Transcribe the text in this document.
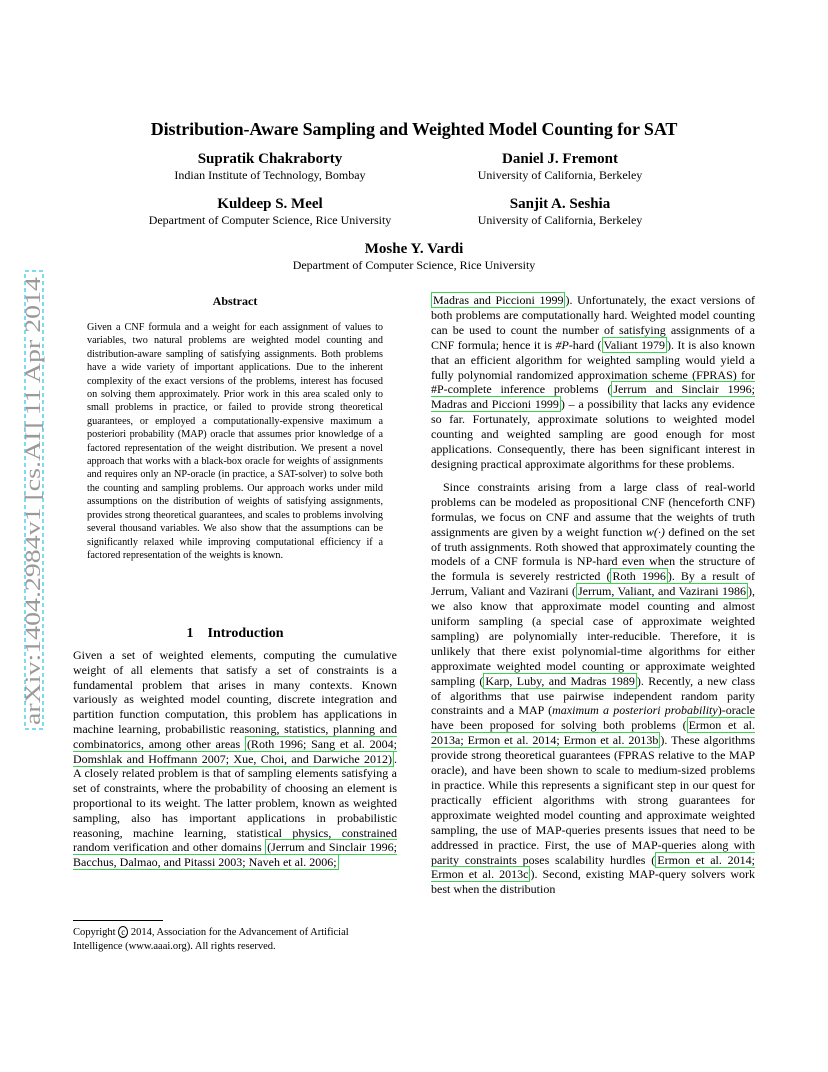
Distribution-Aware Sampling and Weighted Model Counting for SAT
Supratik Chakraborty
Indian Institute of Technology, Bombay
Daniel J. Fremont
University of California, Berkeley
Kuldeep S. Meel
Department of Computer Science, Rice University
Sanjit A. Seshia
University of California, Berkeley
Moshe Y. Vardi
Department of Computer Science, Rice University
arXiv:1404.2984v1 [cs.AI] 11 Apr 2014
Abstract
Given a CNF formula and a weight for each assignment of values to variables, two natural problems are weighted model counting and distribution-aware sampling of satisfying assignments. Both problems have a wide variety of important applications. Due to the inherent complexity of the exact versions of the problems, interest has focused on solving them approximately. Prior work in this area scaled only to small problems in practice, or failed to provide strong theoretical guarantees, or employed a computationally-expensive maximum a posteriori probability (MAP) oracle that assumes prior knowledge of a factored representation of the weight distribution. We present a novel approach that works with a black-box oracle for weights of assignments and requires only an NP-oracle (in practice, a SAT-solver) to solve both the counting and sampling problems. Our approach works under mild assumptions on the distribution of weights of satisfying assignments, provides strong theoretical guarantees, and scales to problems involving several thousand variables. We also show that the assumptions can be significantly relaxed while improving computational efficiency if a factored representation of the weights is known.
1 Introduction
Given a set of weighted elements, computing the cumulative weight of all elements that satisfy a set of constraints is a fundamental problem that arises in many contexts. Known variously as weighted model counting, discrete integration and partition function computation, this problem has applications in machine learning, probabilistic reasoning, statistics, planning and combinatorics, among other areas (Roth 1996; Sang et al. 2004; Domshlak and Hoffmann 2007; Xue, Choi, and Darwiche 2012) . A closely related problem is that of sampling elements satisfying a set of constraints, where the probability of choosing an element is proportional to its weight. The latter problem, known as weighted sampling, also has important applications in probabilistic reasoning, machine learning, statistical physics, constrained random verification and other domains (Jerrum and Sinclair 1996; Bacchus, Dalmao, and Pitassi 2003; Naveh et al. 2006;
Copyright c 2014, Association for the Advancement of Artificial Intelligence (www.aaai.org). All rights reserved.

Madras and Piccioni 1999 ). Unfortunately, the exact versions of both problems are computationally hard. Weighted model counting can be used to count the number of satisfying assignments of a CNF formula; hence it is #P-hard ( Valiant 1979 ). It is also known that an efficient algorithm for weighted sampling would yield a fully polynomial randomized approximation scheme (FPRAS) for #P-complete inference problems ( Jerrum and Sinclair 1996; Madras and Piccioni 1999 ) – a possibility that lacks any evidence so far. Fortunately, approximate solutions to weighted model counting and weighted sampling are good enough for most applications. Consequently, there has been significant interest in designing practical approximate algorithms for these problems.

Since constraints arising from a large class of real-world problems can be modeled as propositional CNF (henceforth CNF) formulas, we focus on CNF and assume that the weights of truth assignments are given by a weight function w(·) defined on the set of truth assignments. Roth showed that approximately counting the models of a CNF formula is NP-hard even when the structure of the formula is severely restricted ( Roth 1996 ). By a result of Jerrum, Valiant and Vazirani ( Jerrum, Valiant, and Vazirani 1986 ), we also know that approximate model counting and almost uniform sampling (a special case of approximate weighted sampling) are polynomially inter-reducible. Therefore, it is unlikely that there exist polynomial-time algorithms for either approximate weighted model counting or approximate weighted sampling ( Karp, Luby, and Madras 1989 ). Recently, a new class of algorithms that use pairwise independent random parity constraints and a MAP (maximum a posteriori probability)-oracle have been proposed for solving both problems ( Ermon et al. 2013a; Ermon et al. 2014; Ermon et al. 2013b ). These algorithms provide strong theoretical guarantees (FPRAS relative to the MAP oracle), and have been shown to scale to medium-sized problems in practice. While this represents a significant step in our quest for practically efficient algorithms with strong guarantees for approximate weighted model counting and approximate weighted sampling, the use of MAP-queries presents issues that need to be addressed in practice. First, the use of MAP-queries along with parity constraints poses scalability hurdles ( Ermon et al. 2014; Ermon et al. 2013c ). Second, existing MAP-query solvers work best when the distribution
